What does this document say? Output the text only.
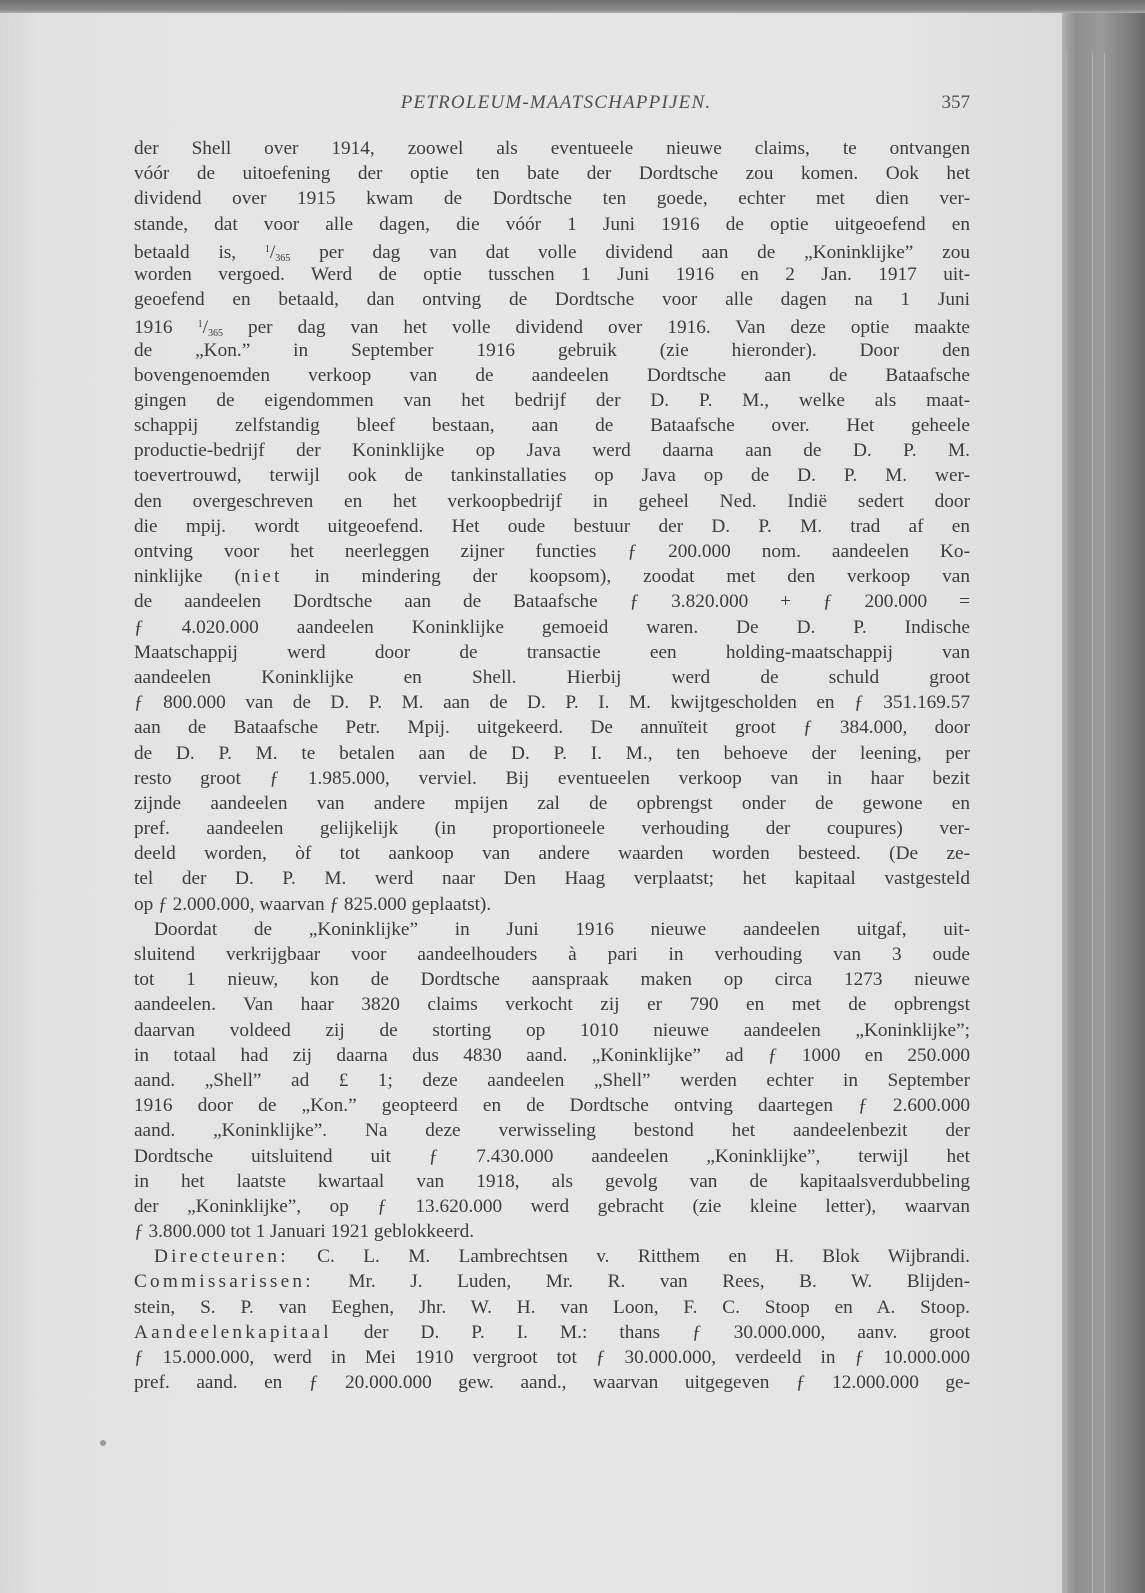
PETROLEUM-MAATSCHAPPIJEN.	357
der Shell over 1914, zoowel als eventueele nieuwe claims, te ontvangen
vóór de uitoefening der optie ten bate der Dordtsche zou komen. Ook het
dividend over 1915 kwam de Dordtsche ten goede, echter met dien ver-
stande, dat voor alle dagen, die vóór 1 Juni 1916 de optie uitgeoefend en
betaald is,	$^1/_{365}$ per dag van dat volle dividend aan de „Koninklijke” zou
worden vergoed. Werd de optie tusschen 1 Juni 1916 en 2 Jan. 1917 uit-
geoefend en betaald, dan ontving de Dordtsche voor alle dagen na 1 Juni
1916	$^1/_{365}$ per dag van het volle dividend over 1916. Van deze optie maakte
de „Kon.” in September 1916 gebruik (zie hieronder). Door den
bovengenoemden verkoop van de aandeelen Dordtsche aan de Bataafsche
gingen de eigendommen van het bedrijf der D. P. M., welke als maat-
schappij zelfstandig bleef bestaan, aan de Bataafsche over. Het geheele
productie-bedrijf der Koninklijke op Java werd daarna aan de D. P. M.
toevertrouwd, terwijl ook de tankinstallaties op Java op de D. P. M. wer-
den overgeschreven en het verkoopbedrijf in geheel Ned. Indië sedert door
die mpij. wordt uitgeoefend. Het oude bestuur der D. P. M. trad af en
ontving voor het neerleggen zijner functies ƒ 200.000 nom. aandeelen Ko-
ninklijke (niet in mindering der koopsom), zoodat met den verkoop van
de aandeelen Dordtsche aan de Bataafsche ƒ 3.820.000 + ƒ 200.000 =
ƒ 4.020.000 aandeelen Koninklijke gemoeid waren. De D. P. Indische
Maatschappij werd door de transactie een holding-maatschappij van
aandeelen Koninklijke en Shell. Hierbij werd de schuld groot
ƒ 800.000 van de D. P. M. aan de D. P. I. M. kwijtgescholden en ƒ 351.169.57
aan de Bataafsche Petr. Mpij. uitgekeerd. De annuïteit groot ƒ 384.000, door
de D. P. M. te betalen aan de D. P. I. M., ten behoeve der leening, per
resto groot ƒ 1.985.000, verviel. Bij eventueelen verkoop van in haar bezit
zijnde aandeelen van andere mpijen zal de opbrengst onder de gewone en
pref. aandeelen gelijkelijk (in proportioneele verhouding der coupures) ver-
deeld worden, òf tot aankoop van andere waarden worden besteed. (De ze-
tel der D. P. M. werd naar Den Haag verplaatst; het kapitaal vastgesteld
op ƒ 2.000.000, waarvan ƒ 825.000 geplaatst).
Doordat de „Koninklijke” in Juni 1916 nieuwe aandeelen uitgaf, uit-
sluitend verkrijgbaar voor aandeelhouders à pari in verhouding van 3 oude
tot 1 nieuw, kon de Dordtsche aanspraak maken op circa 1273 nieuwe
aandeelen. Van haar 3820 claims verkocht zij er 790 en met de opbrengst
daarvan voldeed zij de storting op 1010 nieuwe aandeelen „Koninklijke”;
in totaal had zij daarna dus 4830 aand. „Koninklijke” ad ƒ 1000 en 250.000
aand. „Shell” ad £ 1; deze aandeelen „Shell” werden echter in September
1916 door de „Kon.” geopteerd en de Dordtsche ontving daartegen ƒ 2.600.000
aand. „Koninklijke”. Na deze verwisseling bestond het aandeelenbezit der
Dordtsche uitsluitend uit ƒ 7.430.000 aandeelen „Koninklijke”, terwijl het
in het laatste kwartaal van 1918, als gevolg van de kapitaalsverdubbeling
der „Koninklijke”, op ƒ 13.620.000 werd gebracht (zie kleine letter), waarvan
ƒ 3.800.000 tot 1 Januari 1921 geblokkeerd.
Directeuren: C. L. M. Lambrechtsen v. Ritthem en H. Blok Wijbrandi.
Commissarissen: Mr. J. Luden, Mr. R. van Rees, B. W. Blijden-
stein, S. P. van Eeghen, Jhr. W. H. van Loon, F. C. Stoop en A. Stoop.
Aandeelenkapitaal der D. P. I. M.: thans ƒ 30.000.000, aanv. groot
ƒ 15.000.000, werd in Mei 1910 vergroot tot ƒ 30.000.000, verdeeld in ƒ 10.000.000
pref. aand. en ƒ 20.000.000 gew. aand., waarvan uitgegeven ƒ 12.000.000 ge-
